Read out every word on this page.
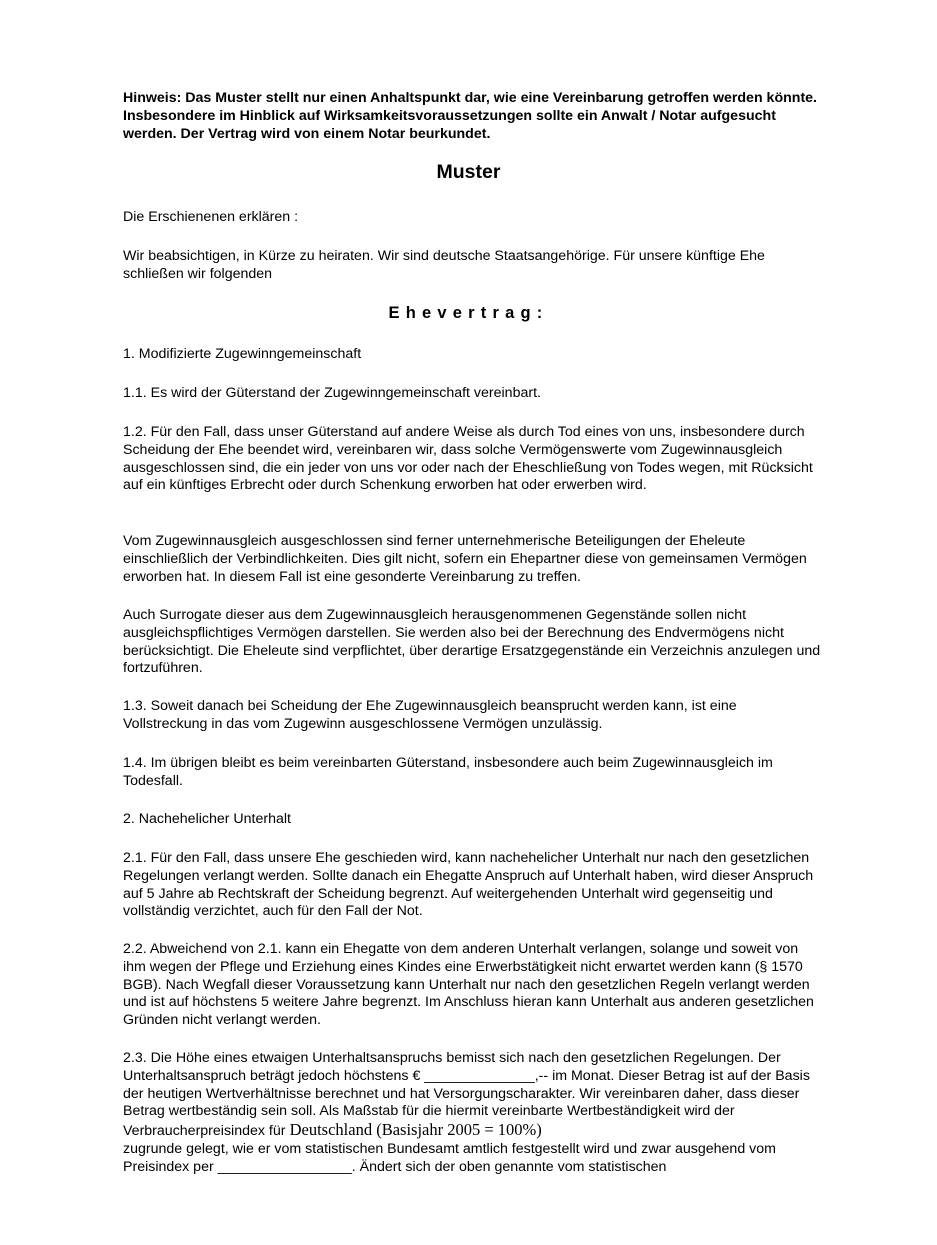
Hinweis: Das Muster stellt nur einen Anhaltspunkt dar, wie eine Vereinbarung getroffen werden könnte. Insbesondere im Hinblick auf Wirksamkeitsvoraussetzungen sollte ein Anwalt / Notar aufgesucht werden. Der Vertrag wird von einem Notar beurkundet.

Muster

Die Erschienenen erklären :

Wir beabsichtigen, in Kürze zu heiraten. Wir sind deutsche Staatsangehörige. Für unsere künftige Ehe schließen wir folgenden

Ehevertrag:

1. Modifizierte Zugewinngemeinschaft

1.1. Es wird der Güterstand der Zugewinngemeinschaft vereinbart.

1.2. Für den Fall, dass unser Güterstand auf andere Weise als durch Tod eines von uns, insbesondere durch Scheidung der Ehe beendet wird, vereinbaren wir, dass solche Vermögenswerte vom Zugewinnausgleich ausgeschlossen sind, die ein jeder von uns vor oder nach der Eheschließung von Todes wegen, mit Rücksicht auf ein künftiges Erbrecht oder durch Schenkung erworben hat oder erwerben wird.

Vom Zugewinnausgleich ausgeschlossen sind ferner unternehmerische Beteiligungen der Eheleute einschließlich der Verbindlichkeiten. Dies gilt nicht, sofern ein Ehepartner diese von gemeinsamen Vermögen erworben hat. In diesem Fall ist eine gesonderte Vereinbarung zu treffen.

Auch Surrogate dieser aus dem Zugewinnausgleich herausgenommenen Gegenstände sollen nicht ausgleichspflichtiges Vermögen darstellen. Sie werden also bei der Berechnung des Endvermögens nicht berücksichtigt. Die Eheleute sind verpflichtet, über derartige Ersatzgegenstände ein Verzeichnis anzulegen und fortzuführen.

1.3. Soweit danach bei Scheidung der Ehe Zugewinnausgleich beansprucht werden kann, ist eine Vollstreckung in das vom Zugewinn ausgeschlossene Vermögen unzulässig.

1.4. Im übrigen bleibt es beim vereinbarten Güterstand, insbesondere auch beim Zugewinnausgleich im Todesfall.

2. Nachehelicher Unterhalt

2.1. Für den Fall, dass unsere Ehe geschieden wird, kann nachehelicher Unterhalt nur nach den gesetzlichen Regelungen verlangt werden. Sollte danach ein Ehegatte Anspruch auf Unterhalt haben, wird dieser Anspruch auf 5 Jahre ab Rechtskraft der Scheidung begrenzt. Auf weitergehenden Unterhalt wird gegenseitig und vollständig verzichtet, auch für den Fall der Not.

2.2. Abweichend von 2.1. kann ein Ehegatte von dem anderen Unterhalt verlangen, solange und soweit von ihm wegen der Pflege und Erziehung eines Kindes eine Erwerbstätigkeit nicht erwartet werden kann (§ 1570 BGB). Nach Wegfall dieser Voraussetzung kann Unterhalt nur nach den gesetzlichen Regeln verlangt werden und ist auf höchstens 5 weitere Jahre begrenzt. Im Anschluss hieran kann Unterhalt aus anderen gesetzlichen Gründen nicht verlangt werden.

2.3. Die Höhe eines etwaigen Unterhaltsanspruchs bemisst sich nach den gesetzlichen Regelungen. Der Unterhaltsanspruch beträgt jedoch höchstens € ______________,-- im Monat. Dieser Betrag ist auf der Basis der heutigen Wertverhältnisse berechnet und hat Versorgungscharakter. Wir vereinbaren daher, dass dieser Betrag wertbeständig sein soll. Als Maßstab für die hiermit vereinbarte Wertbeständigkeit wird der Verbraucherpreisindex für Deutschland (Basisjahr 2005 = 100%)
zugrunde gelegt, wie er vom statistischen Bundesamt amtlich festgestellt wird und zwar ausgehend vom Preisindex per _________________. Ändert sich der oben genannte vom statistischen
